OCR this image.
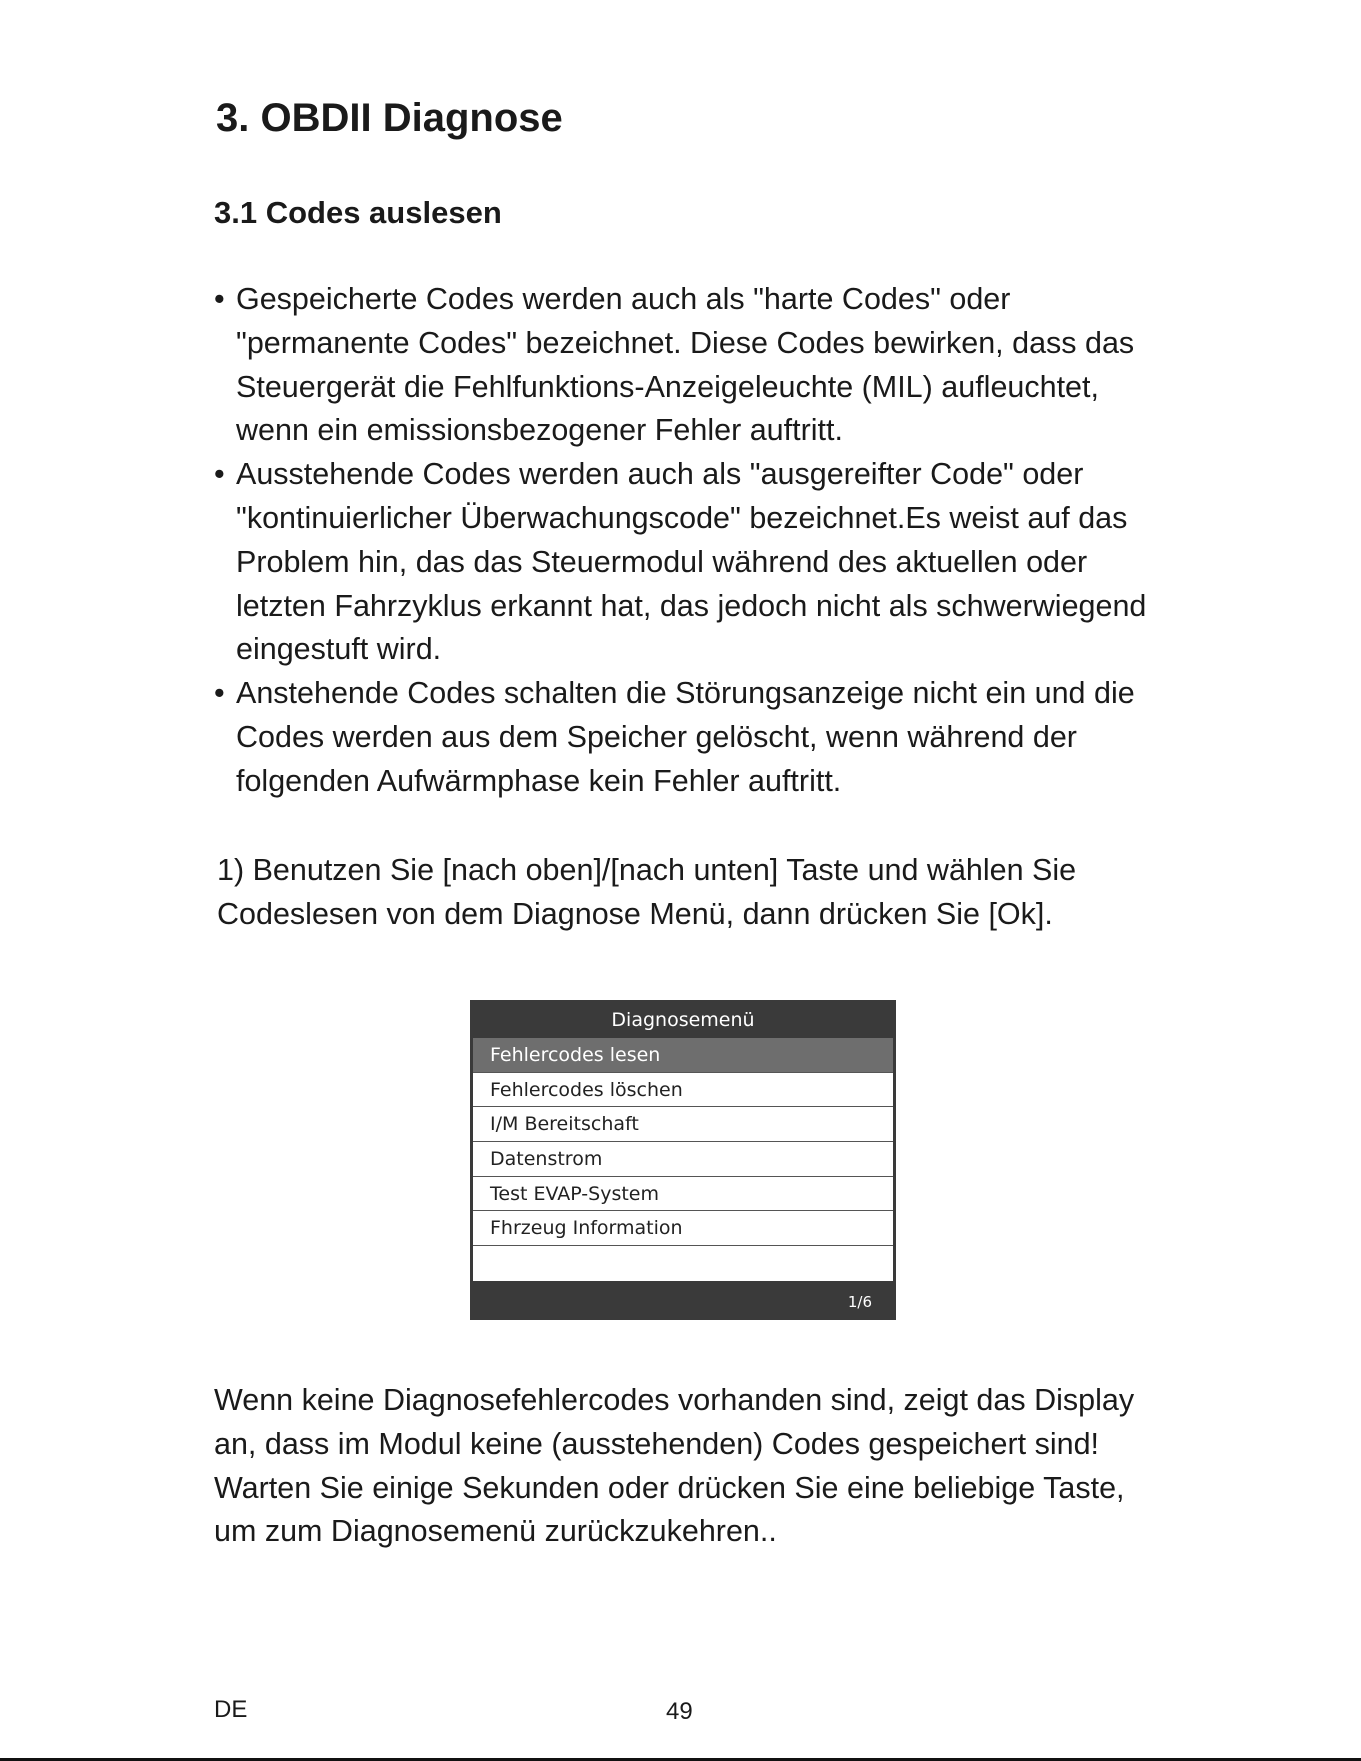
3. OBDII Diagnose
3.1 Codes auslesen
• Gespeicherte Codes werden auch als "harte Codes" oder "permanente Codes" bezeichnet. Diese Codes bewirken, dass das Steuergerät die Fehlfunktions-Anzeigeleuchte (MIL) aufleuchtet, wenn ein emissionsbezogener Fehler auftritt.
• Ausstehende Codes werden auch als "ausgereifter Code" oder "kontinuierlicher Überwachungscode" bezeichnet.Es weist auf das Problem hin, das das Steuermodul während des aktuellen oder letzten Fahrzyklus erkannt hat, das jedoch nicht als schwerwiegend eingestuft wird.
• Anstehende Codes schalten die Störungsanzeige nicht ein und die Codes werden aus dem Speicher gelöscht, wenn während der folgenden Aufwärmphase kein Fehler auftritt.

1) Benutzen Sie [nach oben]/[nach unten] Taste und wählen Sie Codeslesen von dem Diagnose Menü, dann drücken Sie [Ok].

Diagnosemenü
Fehlercodes lesen
Fehlercodes löschen
I/M Bereitschaft
Datenstrom
Test EVAP-System
Fhrzeug Information
1/6

Wenn keine Diagnosefehlercodes vorhanden sind, zeigt das Display an, dass im Modul keine (ausstehenden) Codes gespeichert sind! Warten Sie einige Sekunden oder drücken Sie eine beliebige Taste, um zum Diagnosemenü zurückzukehren..

DE	49
